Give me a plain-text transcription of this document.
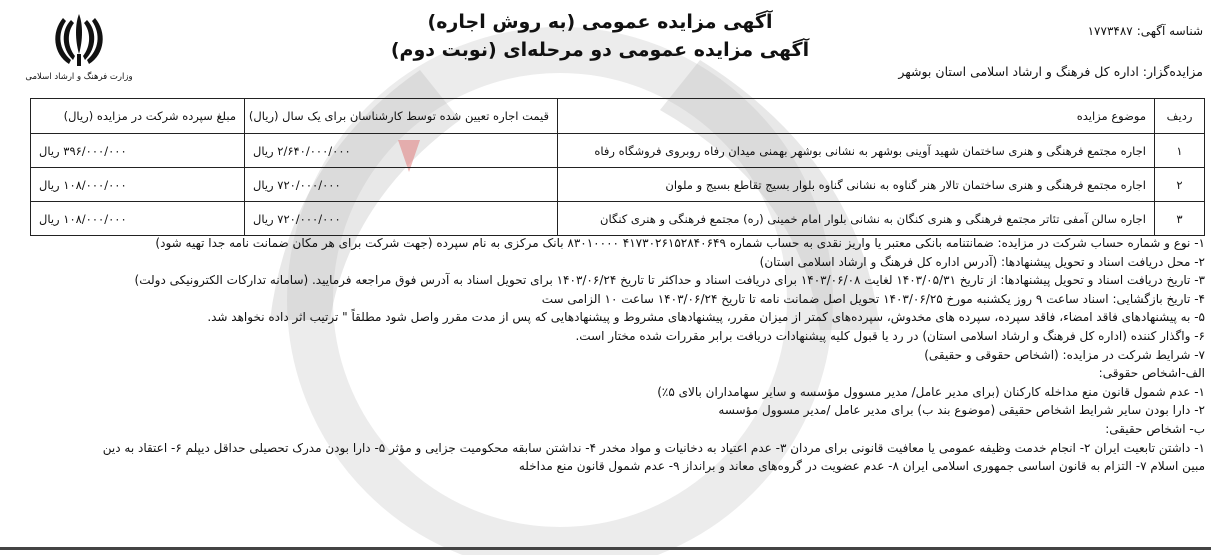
شناسه آگهی:۱۷۷۳۴۸۷
مزایده‌گزار: اداره کل فرهنگ و ارشاد اسلامی استان بوشهر
آگهی مزایده عمومی (به روش اجاره)
آگهی مزایده عمومی دو مرحله‌ای (نوبت دوم)
وزارت فرهنگ و ارشاد اسلامی
ردیف	موضوع مزایده	قیمت اجاره تعیین شده توسط کارشناسان برای یک سال (ریال)	مبلغ سپرده شرکت در مزایده (ریال)
۱	اجاره مجتمع فرهنگی و هنری ساختمان شهید آوینی بوشهر به نشانی بوشهر بهمنی میدان رفاه روبروی فروشگاه رفاه	۲/۶۴۰/۰۰۰/۰۰۰ ریال	۳۹۶/۰۰۰/۰۰۰ ریال
۲	اجاره مجتمع فرهنگی و هنری ساختمان تالار هنر گناوه به نشانی گناوه بلوار بسیج تقاطع بسیج و ملوان	۷۲۰/۰۰۰/۰۰۰ ریال	۱۰۸/۰۰۰/۰۰۰ ریال
۳	اجاره سالن آمفی تئاتر مجتمع فرهنگی و هنری کنگان به نشانی بلوار امام خمینی (ره) مجتمع فرهنگی و هنری کنگان	۷۲۰/۰۰۰/۰۰۰ ریال	۱۰۸/۰۰۰/۰۰۰ ریال
۱- نوع و شماره حساب شرکت در مزایده: ضمانتنامه بانکی معتبر یا واریز نقدی به حساب شماره ۴۱۷۳۰۲۶۱۵۲۸۴۰۶۴۹ ۸۳۰۱۰۰۰۰ بانک مرکزی به نام سپرده (جهت شرکت برای هر مکان ضمانت نامه جدا تهیه شود)
۲- محل دریافت اسناد و تحویل پیشنهادها: (آدرس اداره کل فرهنگ و ارشاد اسلامی استان)
۳- تاریخ دریافت اسناد و تحویل پیشنهادها: از تاریخ ۱۴۰۳/۰۵/۳۱ لغایت ۱۴۰۳/۰۶/۰۸ برای دریافت اسناد و حداکثر تا تاریخ ۱۴۰۳/۰۶/۲۴ برای تحویل اسناد به آدرس فوق مراجعه فرمایید. (سامانه تدارکات الکترونیکی دولت)
۴- تاریخ بازگشایی: اسناد ساعت ۹ روز یکشنبه مورخ ۱۴۰۳/۰۶/۲۵ تحویل اصل ضمانت نامه تا تاریخ ۱۴۰۳/۰۶/۲۴ ساعت ۱۰ الزامی ست
۵- به پیشنهادهای فاقد امضاء، فاقد سپرده، سپرده های مخدوش، سپرده‌های کمتر از میزان مقرر، پیشنهادهای مشروط و پیشنهادهایی که پس از مدت مقرر واصل شود مطلقاً " ترتیب اثر داده نخواهد شد.
۶- واگذار کننده (اداره کل فرهنگ و ارشاد اسلامی استان) در رد یا قبول کلیه پیشنهادات دریافت برابر مقررات شده مختار است.
۷- شرایط شرکت در مزایده: (اشخاص حقوقی و حقیقی)
الف-اشخاص حقوقی:
۱- عدم شمول قانون منع مداخله کارکنان (برای مدیر عامل/ مدیر مسوول مؤسسه و سایر سهامداران بالای ۵٪)
۲- دارا بودن سایر شرایط اشخاص حقیقی (موضوع بند ب) برای مدیر عامل /مدیر مسوول مؤسسه
ب- اشخاص حقیقی:
۱- داشتن تابعیت ایران ۲- انجام خدمت وظیفه عمومی یا معافیت قانونی برای مردان ۳- عدم اعتیاد به دخانیات و مواد مخدر ۴- نداشتن سابقه محکومیت جزایی و مؤثر ۵- دارا بودن مدرک تحصیلی حداقل دیپلم ۶- اعتقاد به دین
مبین اسلام ۷- التزام به قانون اساسی جمهوری اسلامی ایران ۸- عدم عضویت در گروه‌های معاند و برانداز ۹- عدم شمول قانون منع مداخله
